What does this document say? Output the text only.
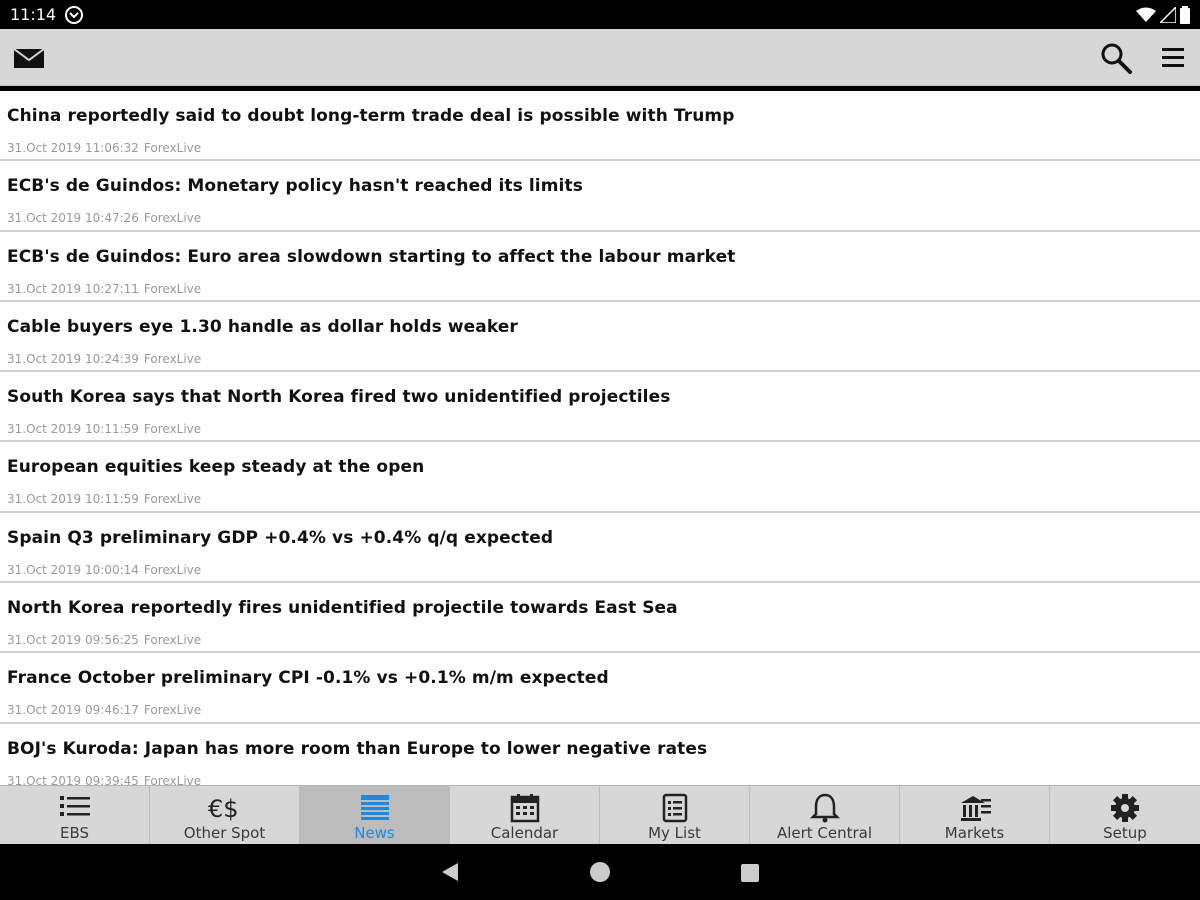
11:14
China reportedly said to doubt long-term trade deal is possible with Trump
31.Oct 2019 11:06:32 ForexLive
ECB's de Guindos: Monetary policy hasn't reached its limits
31.Oct 2019 10:47:26 ForexLive
ECB's de Guindos: Euro area slowdown starting to affect the labour market
31.Oct 2019 10:27:11 ForexLive
Cable buyers eye 1.30 handle as dollar holds weaker
31.Oct 2019 10:24:39 ForexLive
South Korea says that North Korea fired two unidentified projectiles
31.Oct 2019 10:11:59 ForexLive
European equities keep steady at the open
31.Oct 2019 10:11:59 ForexLive
Spain Q3 preliminary GDP +0.4% vs +0.4% q/q expected
31.Oct 2019 10:00:14 ForexLive
North Korea reportedly fires unidentified projectile towards East Sea
31.Oct 2019 09:56:25 ForexLive
France October preliminary CPI -0.1% vs +0.1% m/m expected
31.Oct 2019 09:46:17 ForexLive
BOJ's Kuroda: Japan has more room than Europe to lower negative rates
31.Oct 2019 09:39:45 ForexLive
EBS
€$
Other Spot	News	Calendar	My List	Alert Central	Markets	Setup
